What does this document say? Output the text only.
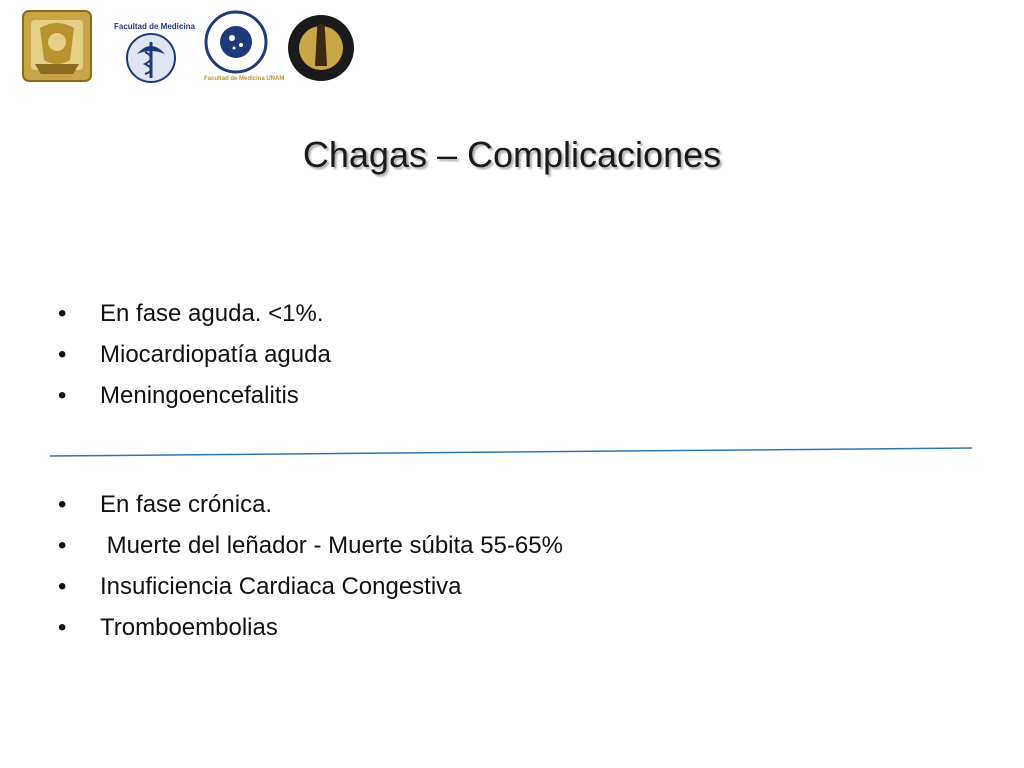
Facultad de Medicina
Facultad de Medicina UNAM
Chagas – Complicaciones
• En fase aguda. <1%.
• Miocardiopatía aguda
• Meningoencefalitis
• En fase crónica.
•  Muerte del leñador - Muerte súbita 55-65%
• Insuficiencia Cardiaca Congestiva
• Tromboembolias
